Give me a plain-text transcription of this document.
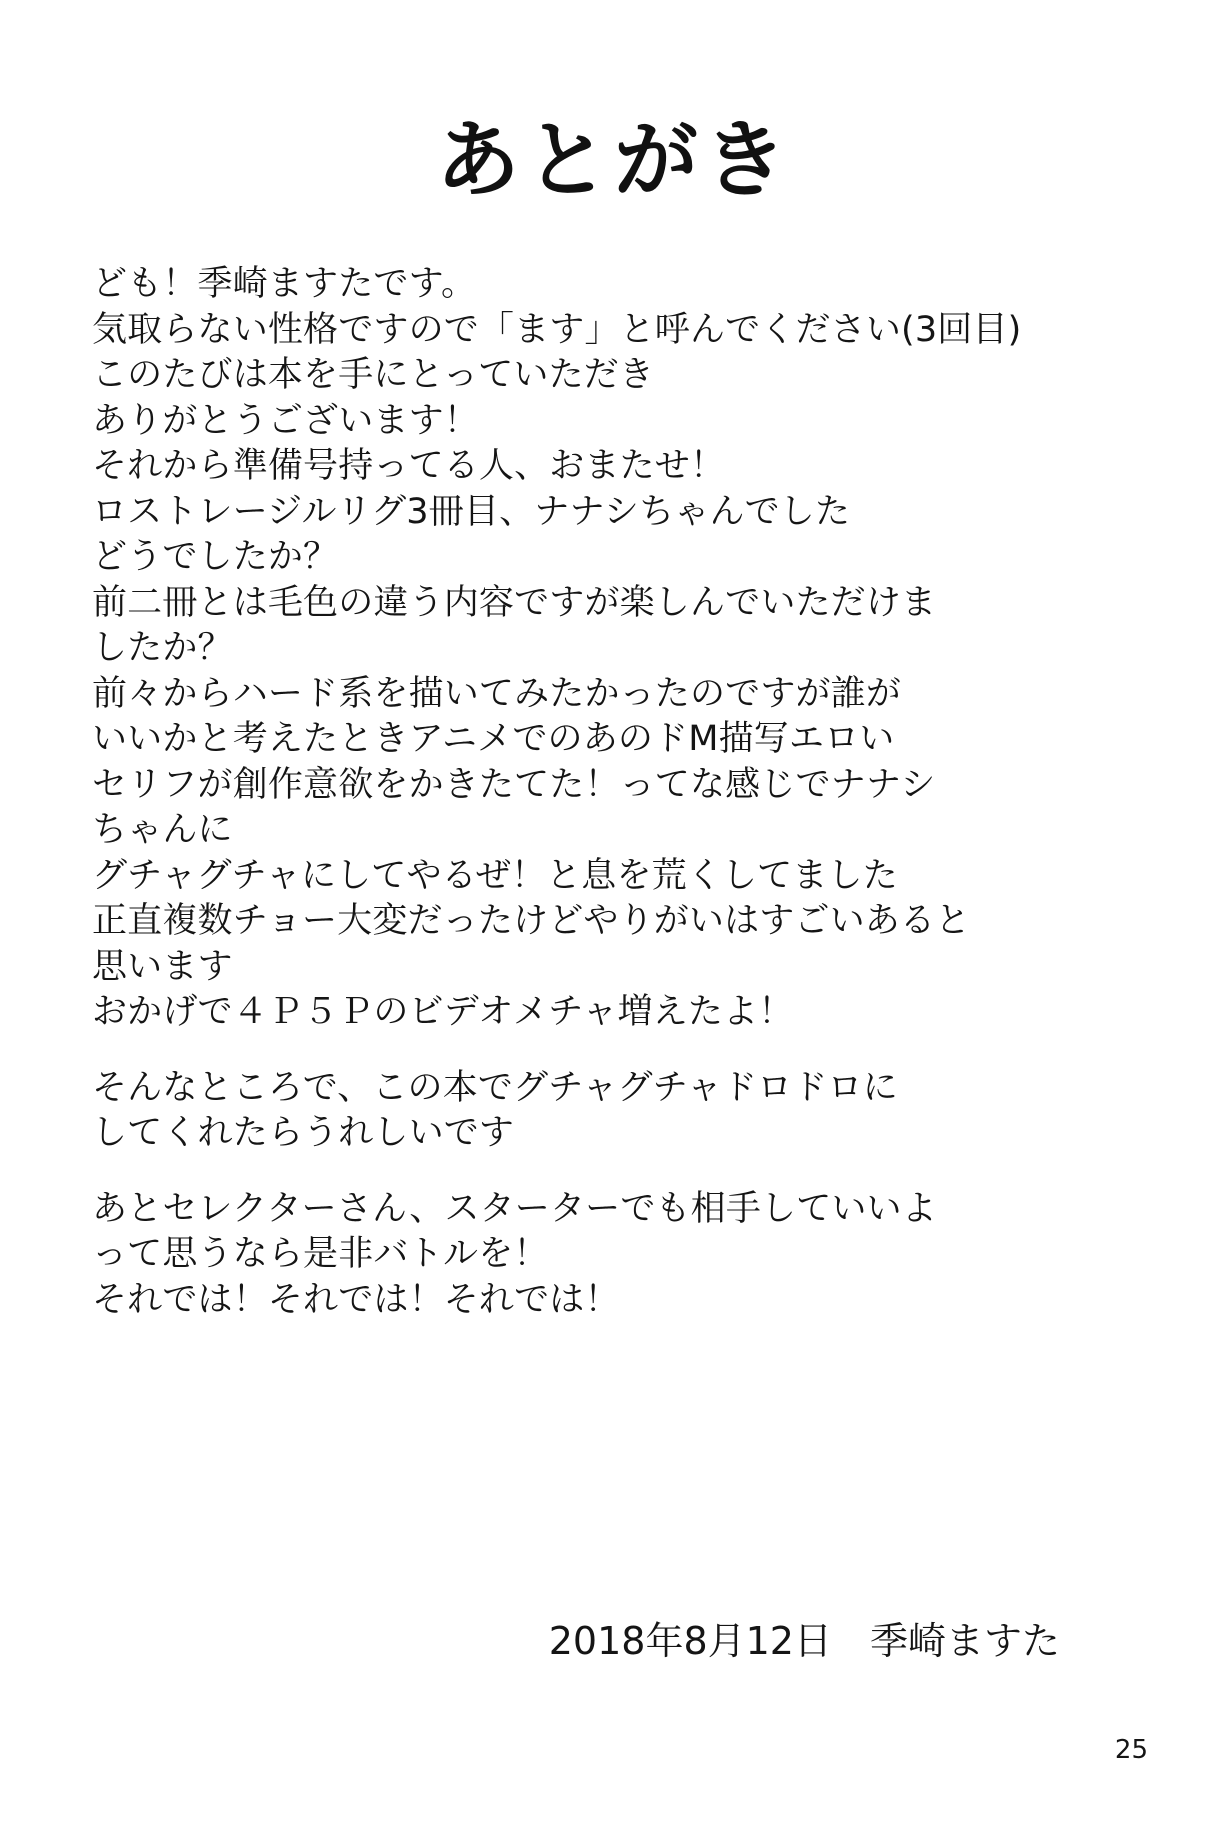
あとがき

ども！季崎ますたです。

気取らない性格ですので「ます」と呼んでください(3回目)

このたびは本を手にとっていただき

ありがとうございます！

それから準備号持ってる人、おまたせ！

ロストレージルリグ3冊目、ナナシちゃんでした

どうでしたか？

前二冊とは毛色の違う内容ですが楽しんでいただけま

したか？

前々からハード系を描いてみたかったのですが誰が

いいかと考えたときアニメでのあのドM描写エロい

セリフが創作意欲をかきたてた！ってな感じでナナシ

ちゃんに

グチャグチャにしてやるぜ！と息を荒くしてました

正直複数チョー大変だったけどやりがいはすごいあると

思います

おかげで４Ｐ５Ｐのビデオメチャ増えたよ！

そんなところで、この本でグチャグチャドロドロに

してくれたらうれしいです

あとセレクターさん、スターターでも相手していいよ

って思うなら是非バトルを！

それでは！それでは！それでは！

2018年8月12日　季崎ますた
25
